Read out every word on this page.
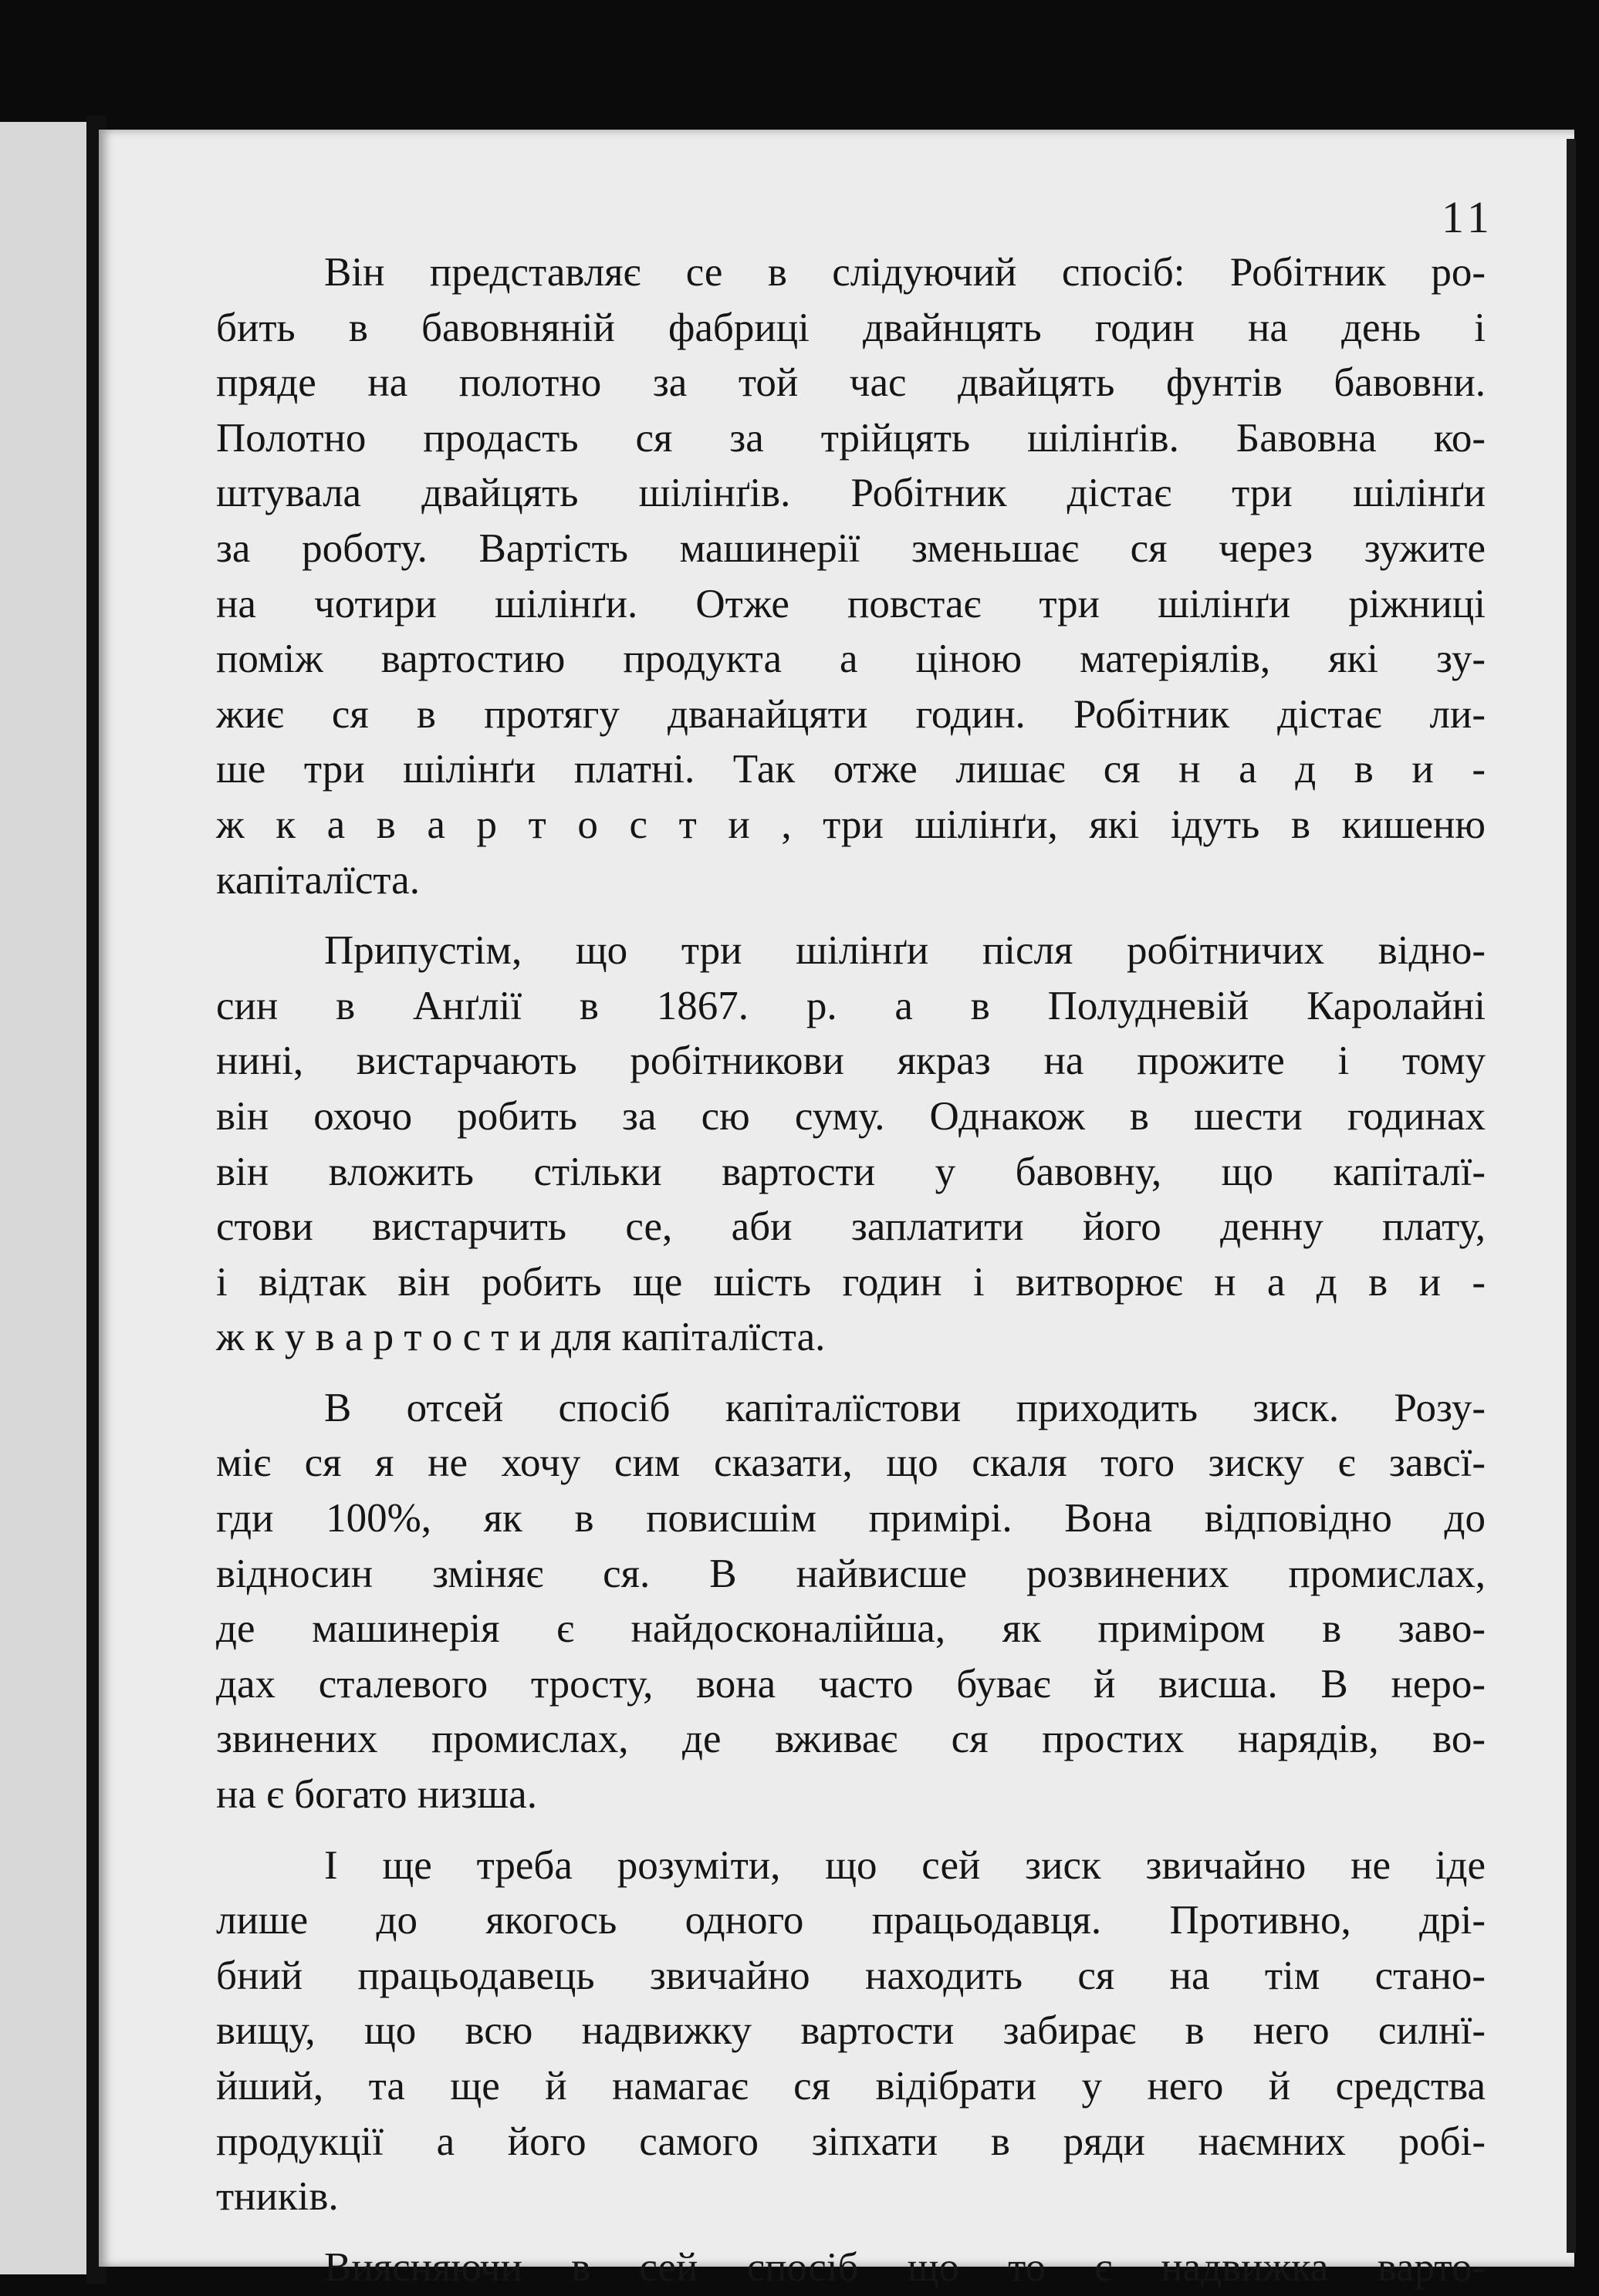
11

Він представляє се в слідуючий спосіб: Робітник ро-
бить в бавовняній фабриці двайнцять годин на день і
пряде на полотно за той час двайцять фунтів бавовни.
Полотно продасть ся за трійцять шілінґів. Бавовна ко-
штувала двайцять шілінґів. Робітник дістає три шілінґи
за роботу. Вартість машинерії зменьшає ся через зужите
на чотири шілінґи. Отже повстає три шілінґи ріжниці
поміж вартостию продукта а ціною матеріялів, які зу-
жиє ся в протягу дванайцяти годин. Робітник дістає ли-
ше три шілінґи платні. Так отже лишає ся н а д в и -
ж к а в а р т о с т и , три шілінґи, які ідуть в кишеню
капіталїста.

Припустім, що три шілінґи після робітничих відно-
син в Анґлії в 1867. р. а в Полудневій Каролайні
нині, вистарчають робітникови якраз на прожите і тому
він охочо робить за сю суму. Однакож в шести годинах
він вложить стільки вартости у бавовну, що капіталї-
стови вистарчить се, аби заплатити його денну плату,
і відтак він робить ще шість годин і витворює н а д в и -
ж к у в а р т о с т и для капіталїста.

В отсей спосіб капіталїстови приходить зиск. Розу-
міє ся я не хочу сим сказати, що скаля того зиску є завсї-
гди 100%, як в повисшім примірі. Вона відповідно до
відносин зміняє ся. В найвисше розвинених промислах,
де машинерія є найдосконалійша, як приміром в заво-
дах сталевого тросту, вона часто буває й висша. В неро-
звинених промислах, де вживає ся простих нарядів, во-
на є богато низша.

І ще треба розуміти, що сей зиск звичайно не іде
лише до якогось одного працьодавця. Противно, дрі-
бний працьодавець звичайно находить ся на тім стано-
вищу, що всю надвижку вартости забирає в него силнї-
йший, та ще й намагає ся відібрати у него й средства
продукції а його самого зіпхати в ряди наємних робі-
тників.

Виясняючи в сей спосіб що то є надвижка варто-
